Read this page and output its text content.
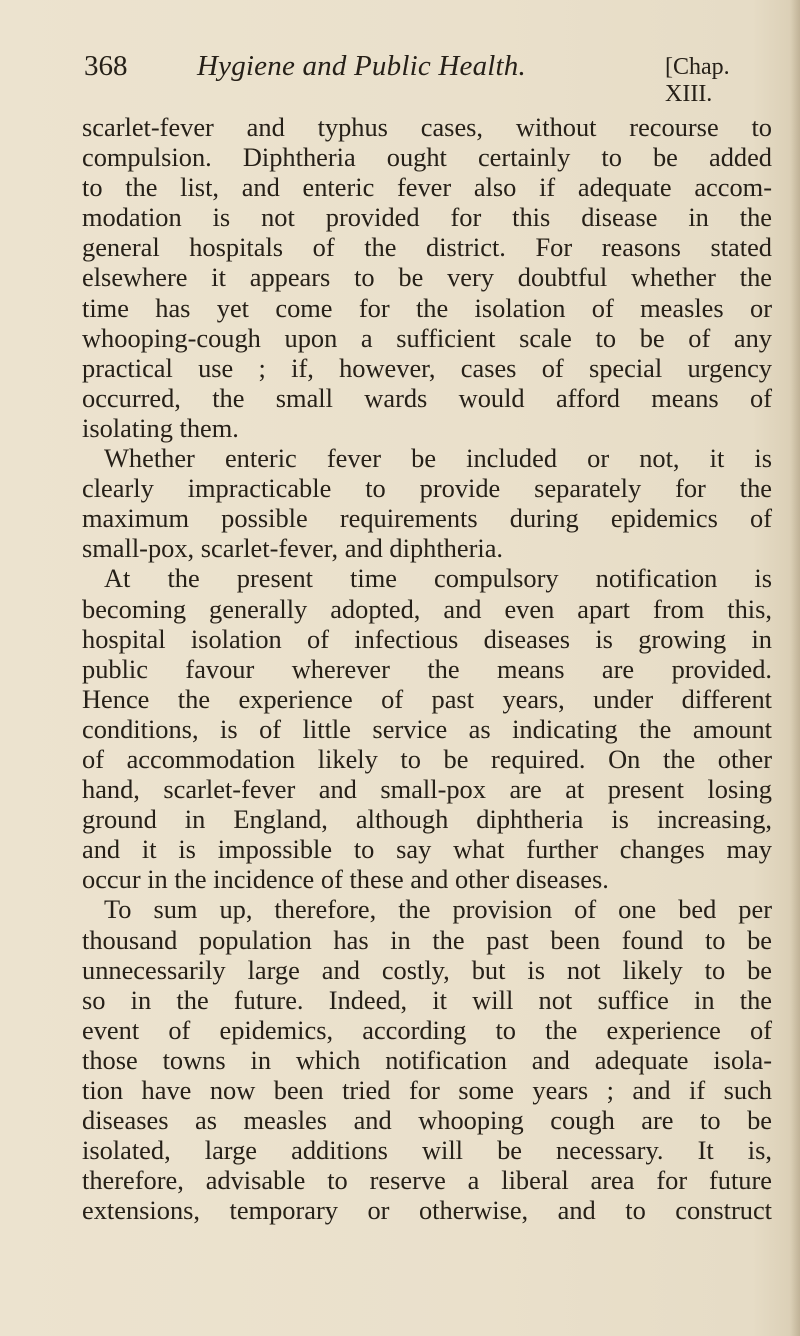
368 Hygiene and Public Health.	[Chap. XIII.
scarlet-fever and typhus cases, without recourse to
compulsion. Diphtheria ought certainly to be added
to the list, and enteric fever also if adequate accom-
modation is not provided for this disease in the
general hospitals of the district. For reasons stated
elsewhere it appears to be very doubtful whether the
time has yet come for the isolation of measles or
whooping-cough upon a sufficient scale to be of any
practical use ; if, however, cases of special urgency
occurred, the small wards would afford means of
isolating them.
Whether enteric fever be included or not, it is
clearly impracticable to provide separately for the
maximum possible requirements during epidemics of
small-pox, scarlet-fever, and diphtheria.
At the present time compulsory notification is
becoming generally adopted, and even apart from this,
hospital isolation of infectious diseases is growing in
public favour wherever the means are provided.
Hence the experience of past years, under different
conditions, is of little service as indicating the amount
of accommodation likely to be required. On the other
hand, scarlet-fever and small-pox are at present losing
ground in England, although diphtheria is increasing,
and it is impossible to say what further changes may
occur in the incidence of these and other diseases.
To sum up, therefore, the provision of one bed per
thousand population has in the past been found to be
unnecessarily large and costly, but is not likely to be
so in the future. Indeed, it will not suffice in the
event of epidemics, according to the experience of
those towns in which notification and adequate isola-
tion have now been tried for some years ; and if such
diseases as measles and whooping cough are to be
isolated, large additions will be necessary. It is,
therefore, advisable to reserve a liberal area for future
extensions, temporary or otherwise, and to construct
